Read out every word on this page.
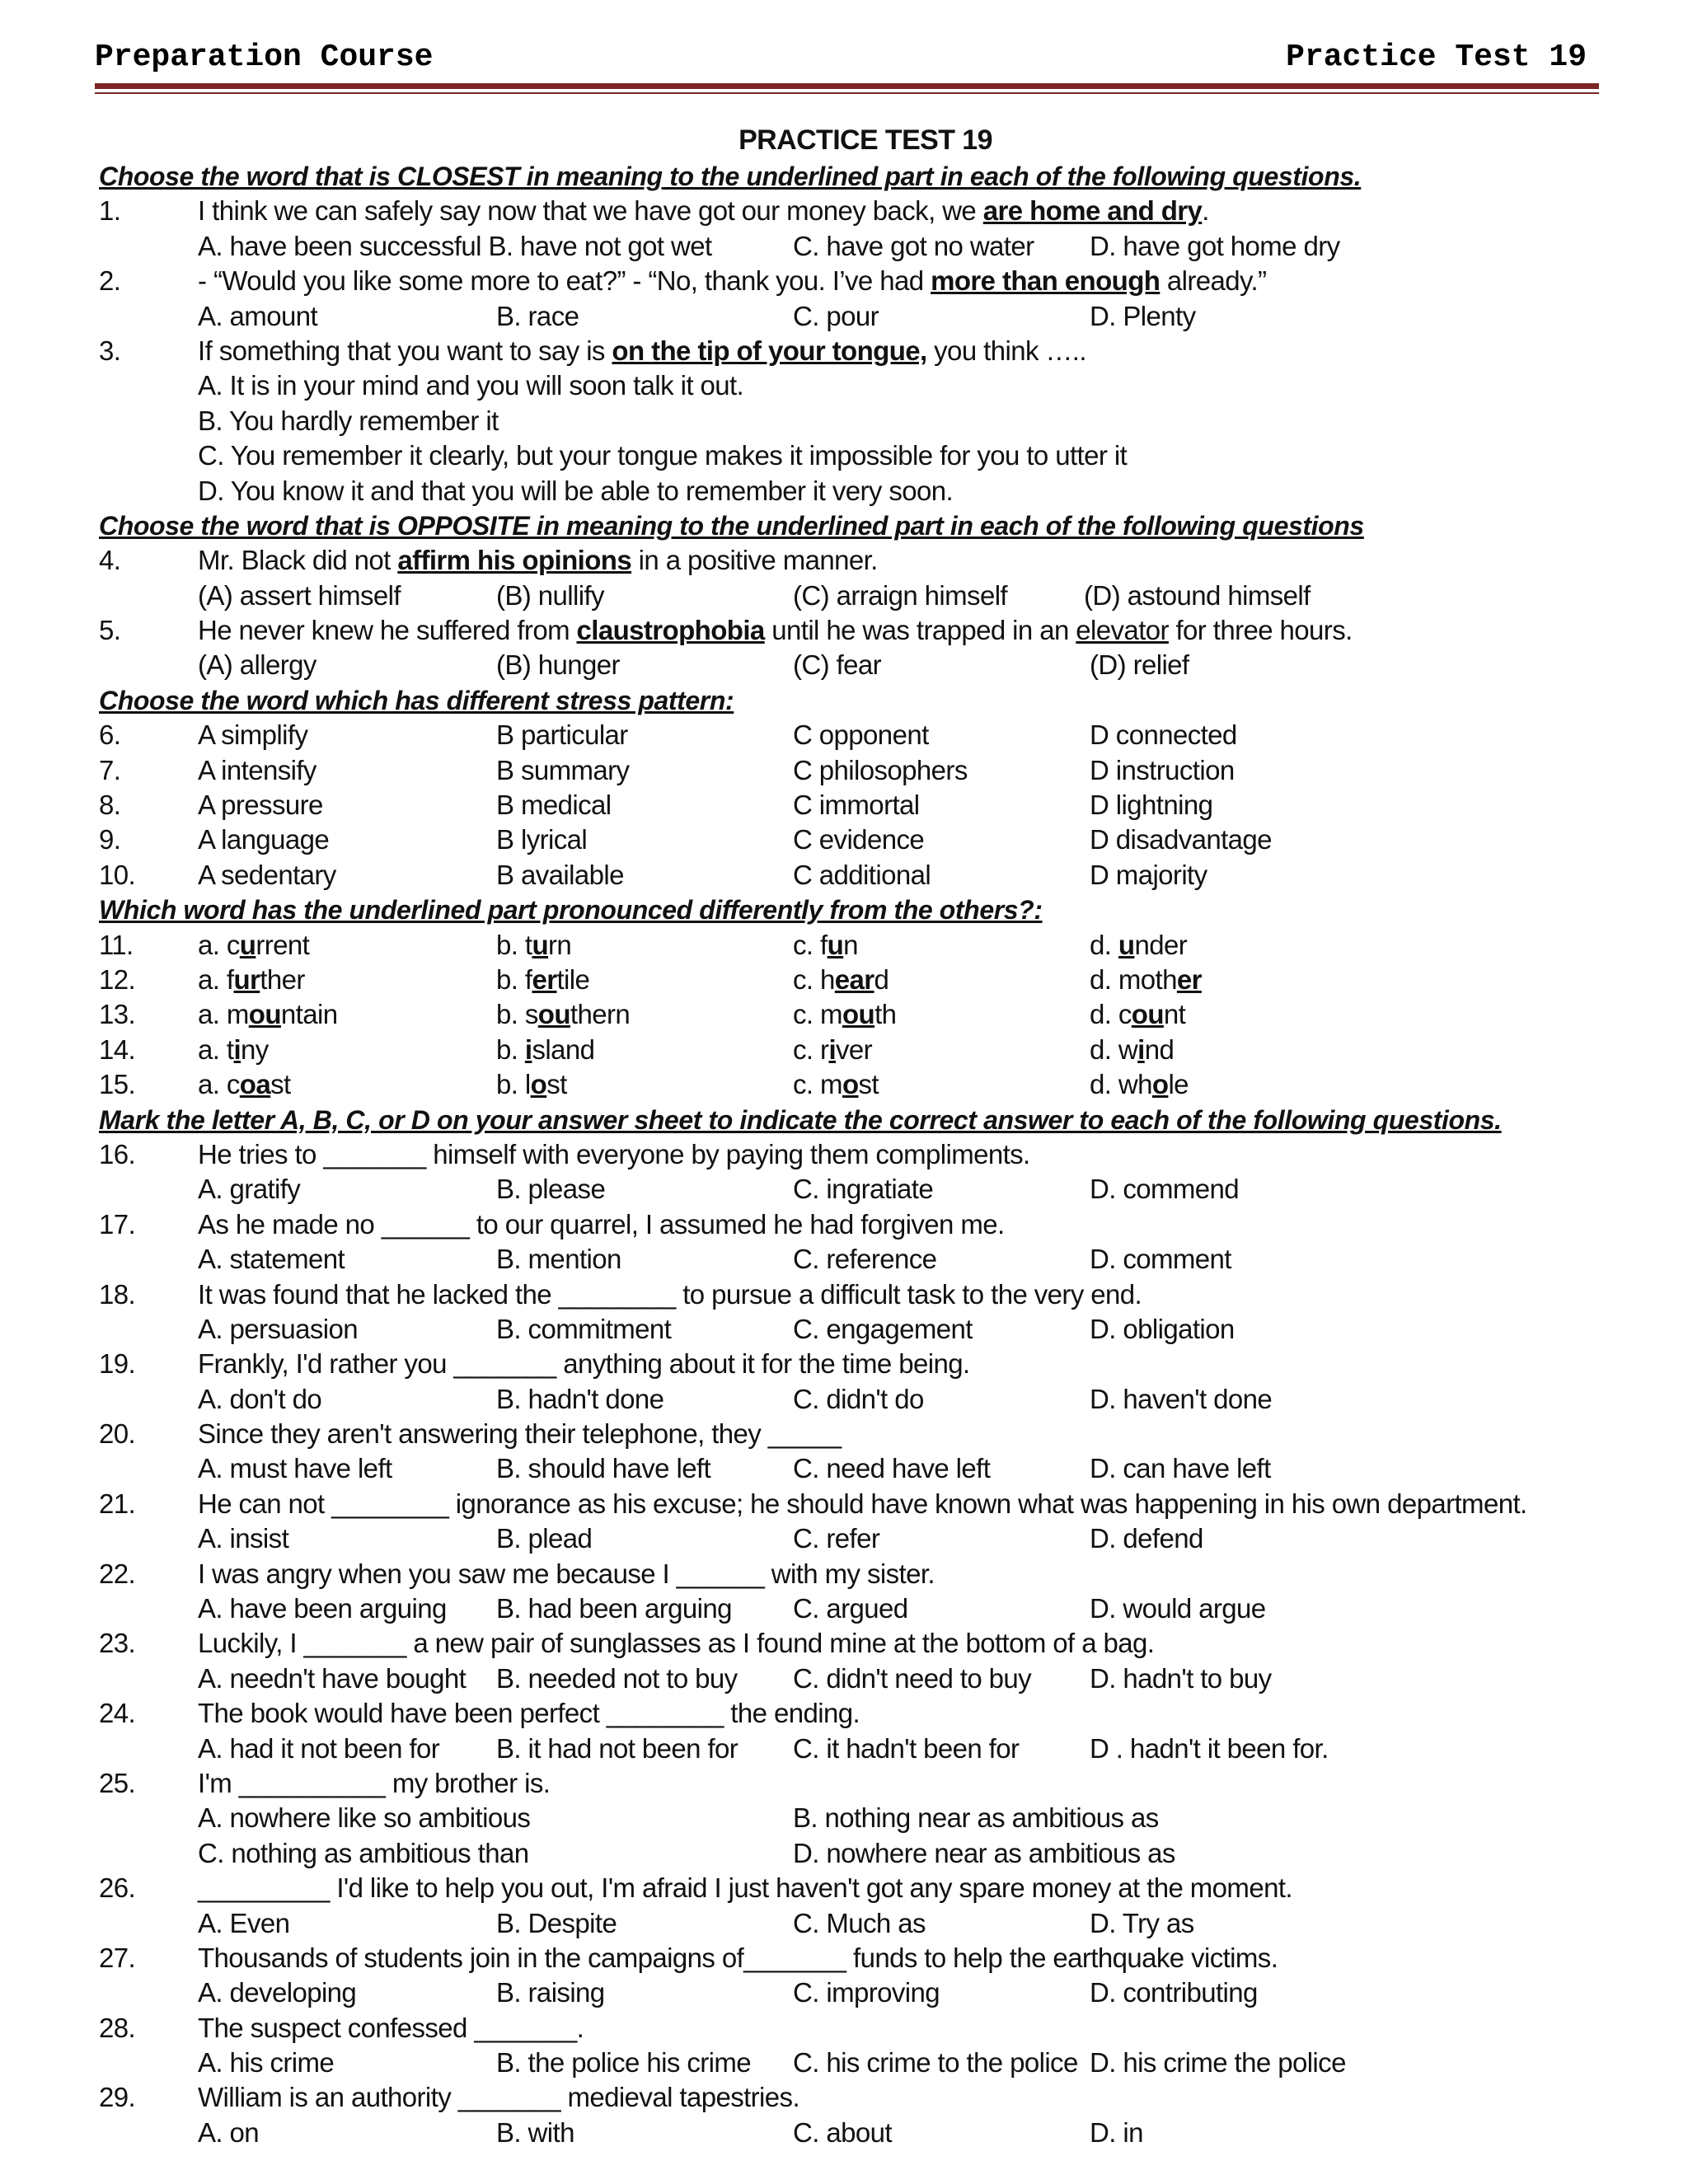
Preparation Course	Practice Test 19
PRACTICE TEST 19
Choose the word that is CLOSEST in meaning to the underlined part in each of the following questions.
1.	I think we can safely say now that we have got our money back, we are home and dry.
A. have been successful B. have not got wet	C. have got no water D. have got home dry
2.	- “Would you like some more to eat?” - “No, thank you. I’ve had more than enough already.”
A. amount	B. race	C. pour	D. Plenty
3.	If something that you want to say is on the tip of your tongue, you think …..
A. It is in your mind and you will soon talk it out.
B. You hardly remember it
C. You remember it clearly, but your tongue makes it impossible for you to utter it
D. You know it and that you will be able to remember it very soon.
Choose the word that is OPPOSITE in meaning to the underlined part in each of the following questions
4.	Mr. Black did not affirm his opinions in a positive manner.
(A) assert himself	(B) nullify	(C) arraign himself	(D) astound himself
5.	He never knew he suffered from claustrophobia until he was trapped in an elevator for three hours.
(A) allergy	(B) hunger	(C) fear	(D) relief
Choose the word which has different stress pattern:
6.	A simplify	B particular	C opponent	D connected
7.	A intensify	B summary	C philosophers	D instruction
8.	A pressure	B medical	C immortal	D lightning
9.	A language	B lyrical	C evidence	D disadvantage
10. A sedentary	B available	C additional	D majority
Which word has the underlined part pronounced differently from the others?:
11. a. current	b. turn	c. fun	d. under
12. a. further	b. fertile	c. heard	d. mother
13. a. mountain	b. southern	c. mouth	d. count
14. a. tiny	b. island	c. river	d. wind
15. a. coast	b. lost	c. most	d. whole
Mark the letter A, B, C, or D on your answer sheet to indicate the correct answer to each of the following questions.
16. He tries to _______ himself with everyone by paying them compliments.
A. gratify	B. please	C. ingratiate	D. commend
17. As he made no ______ to our quarrel, I assumed he had forgiven me.
A. statement	B. mention	C. reference	D. comment
18. It was found that he lacked the ________ to pursue a difficult task to the very end.
A. persuasion	B. commitment	C. engagement	D. obligation
19. Frankly, I'd rather you _______ anything about it for the time being.
A. don't do	B. hadn't done	C. didn't do	D. haven't done
20. Since they aren't answering their telephone, they _____
A. must have left	B. should have left	C. need have left	D. can have left
21. He can not ________ ignorance as his excuse; he should have known what was happening in his own department.
A. insist	B. plead	C. refer	D. defend
22. I was angry when you saw me because I ______ with my sister.
A. have been arguing B. had been arguing C. argued	D. would argue
23. Luckily, I _______ a new pair of sunglasses as I found mine at the bottom of a bag.
A. needn't have bought B. needed not to buy C. didn't need to buy D. hadn't to buy
24. The book would have been perfect ________ the ending.
A. had it not been for B. it had not been for C. it hadn't been for	D . hadn't it been for.
25. I'm __________ my brother is.
A. nowhere like so ambitious	B. nothing near as ambitious as
C. nothing as ambitious than	D. nowhere near as ambitious as
26. _________ I'd like to help you out, I'm afraid I just haven't got any spare money at the moment.
A. Even	B. Despite	C. Much as	D. Try as
27. Thousands of students join in the campaigns of_______ funds to help the earthquake victims.
A. developing	B. raising	C. improving	D. contributing
28. The suspect confessed _______.
A. his crime	B. the police his crime C. his crime to the police D. his crime the police
29. William is an authority _______ medieval tapestries.
A. on	B. with	C. about	D. in
